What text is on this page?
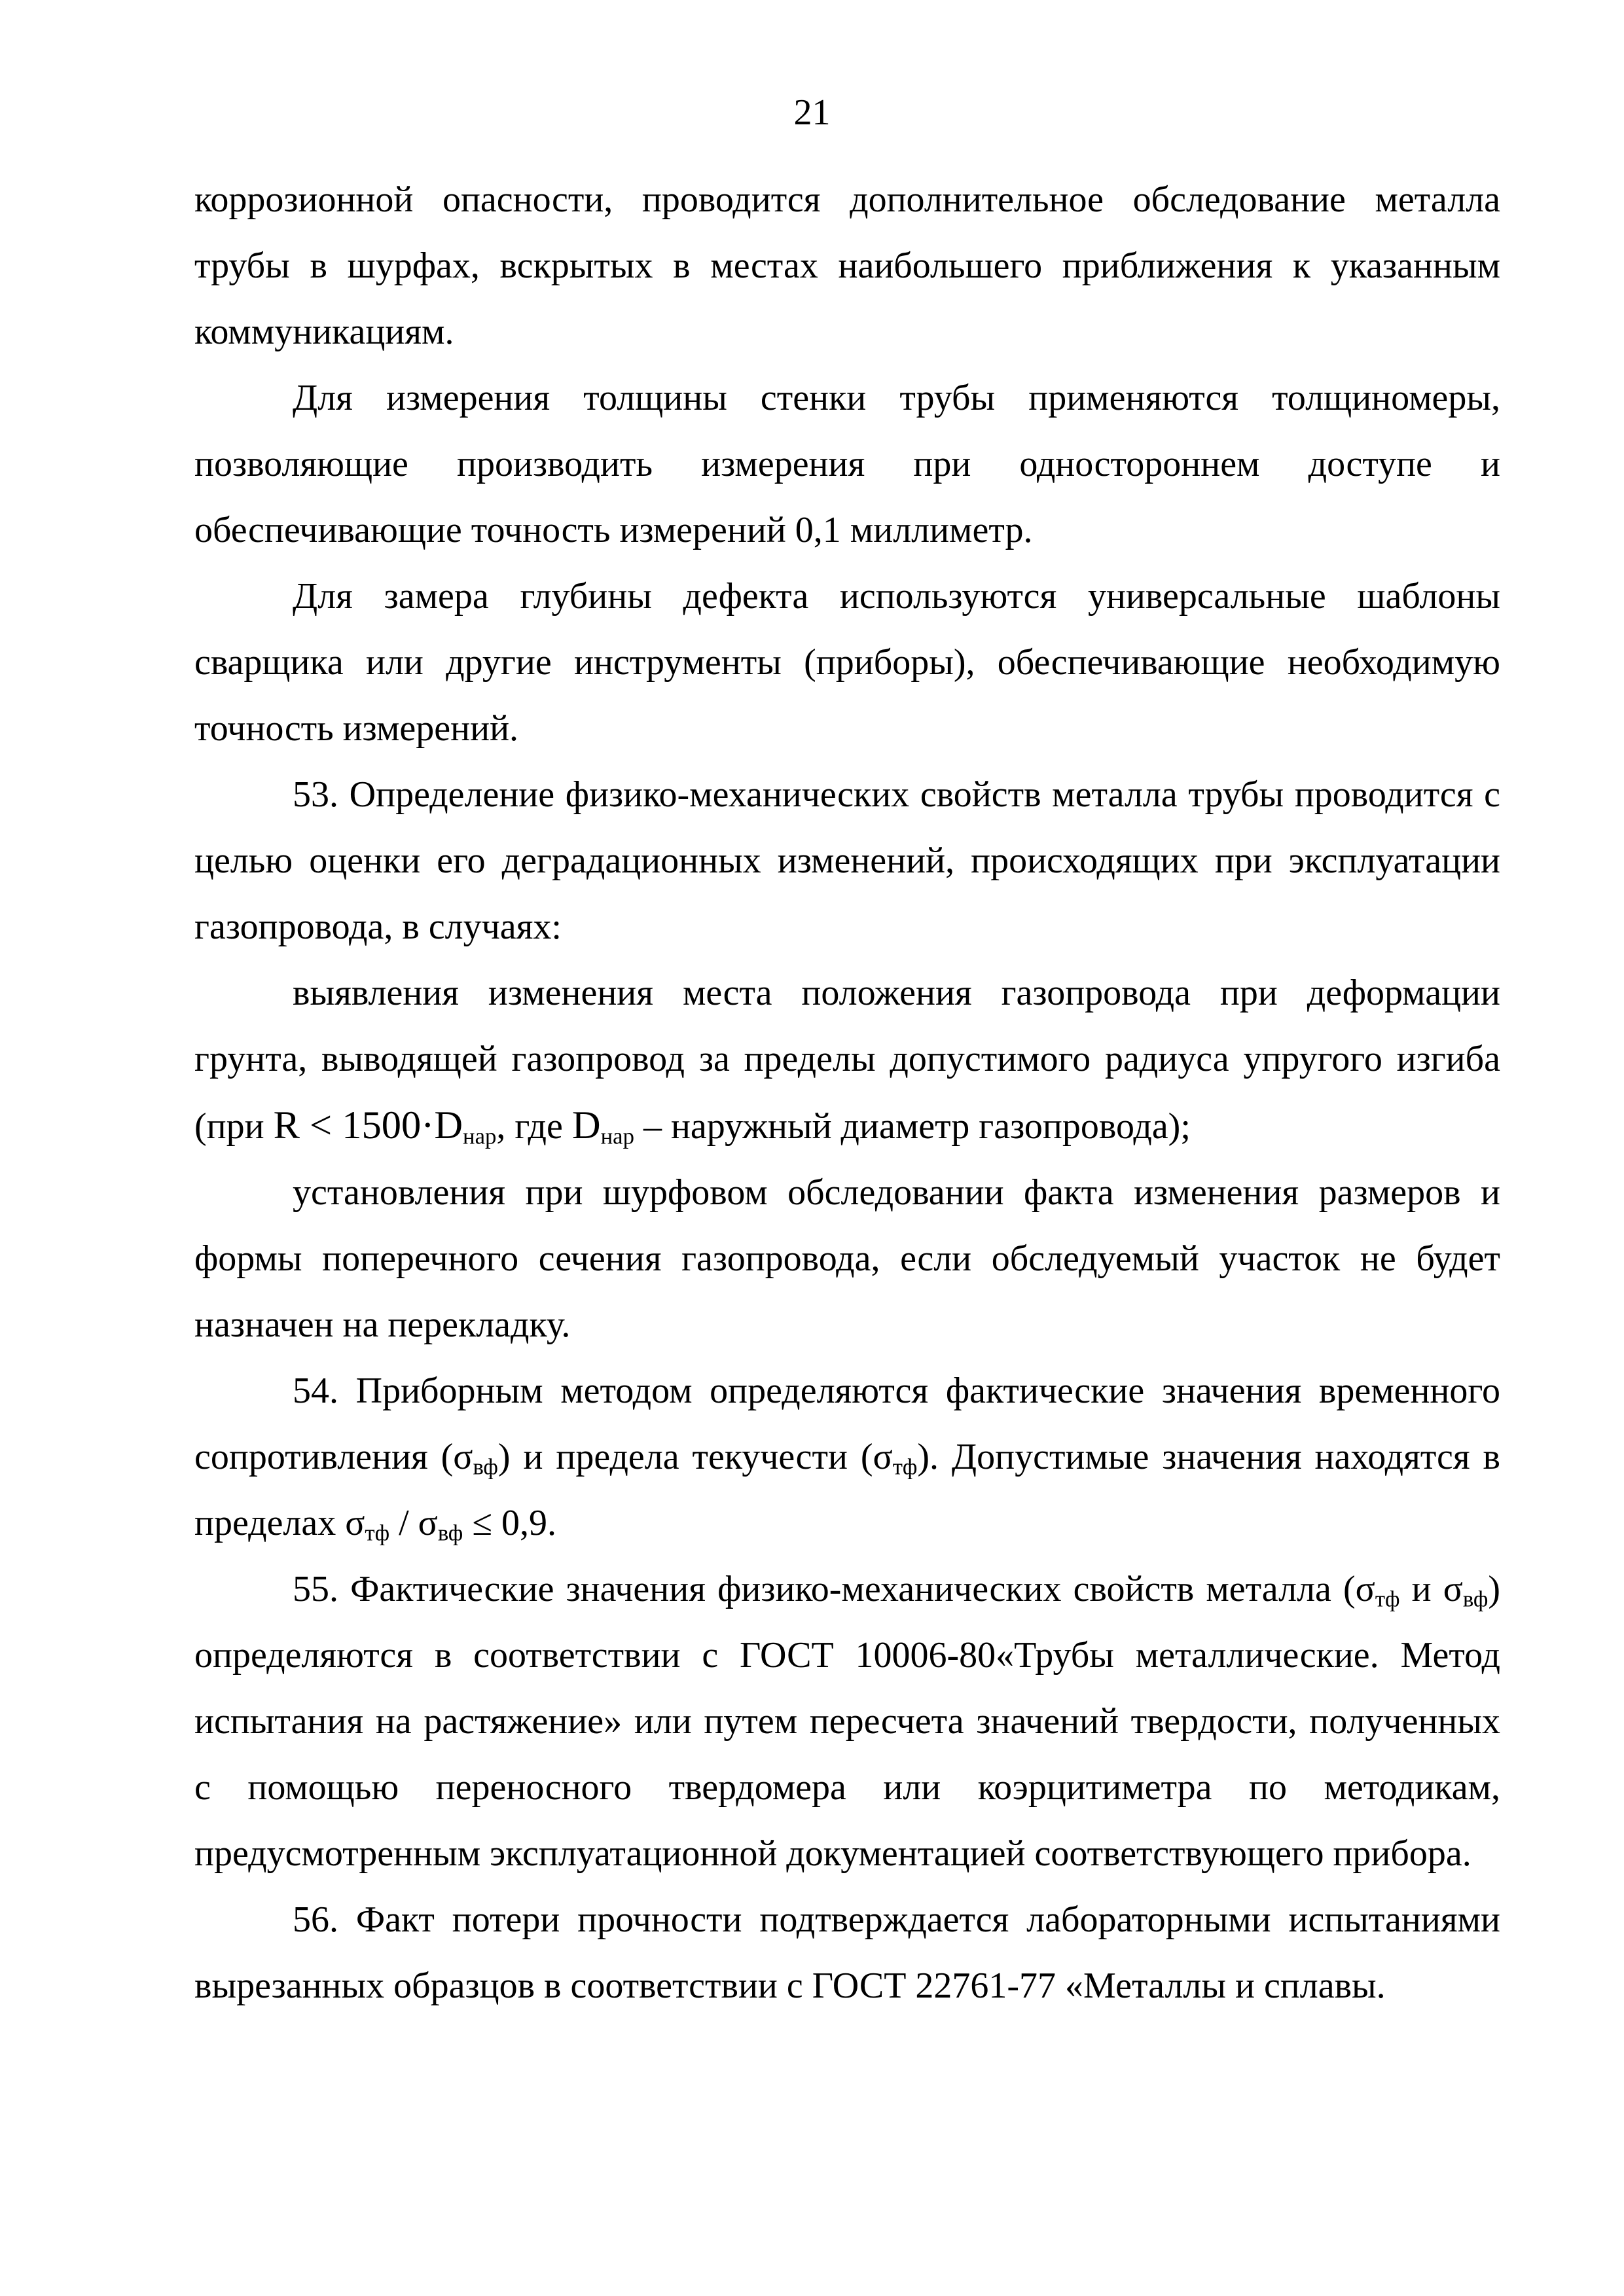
21

коррозионной опасности, проводится дополнительное обследование металла трубы в шурфах, вскрытых в местах наибольшего приближения к указанным коммуникациям.

Для измерения толщины стенки трубы применяются толщиномеры, позволяющие производить измерения при одностороннем доступе и обеспечивающие точность измерений 0,1 миллиметр.

Для замера глубины дефекта используются универсальные шаблоны сварщика или другие инструменты (приборы), обеспечивающие необходимую точность измерений.

53. Определение физико-механических свойств металла трубы проводится с целью оценки его деградационных изменений, происходящих при эксплуатации газопровода, в случаях:

выявления изменения места положения газопровода при деформации грунта, выводящей газопровод за пределы допустимого радиуса упругого изгиба (при $R < 1500\cdot D_{нар}$, где $D_{нар}$ – наружный диаметр газопровода);

установления при шурфовом обследовании факта изменения размеров и формы поперечного сечения газопровода, если обследуемый участок не будет назначен на перекладку.

54. Приборным методом определяются фактические значения временного сопротивления $(\sigma_{вф})$ и предела текучести $(\sigma_{тф})$. Допустимые значения находятся в пределах $\sigma_{тф} / \sigma_{вф} \le 0,9$.

55. Фактические значения физико-механических свойств металла ($\sigma_{тф}$ и $\sigma_{вф}$) определяются в соответствии с ГОСТ 10006-80«Трубы металлические. Метод испытания на растяжение» или путем пересчета значений твердости, полученных с помощью переносного твердомера или коэрцитиметра по методикам, предусмотренным эксплуатационной документацией соответствующего прибора.

56. Факт потери прочности подтверждается лабораторными испытаниями вырезанных образцов в соответствии с ГОСТ 22761-77 «Металлы и сплавы.
